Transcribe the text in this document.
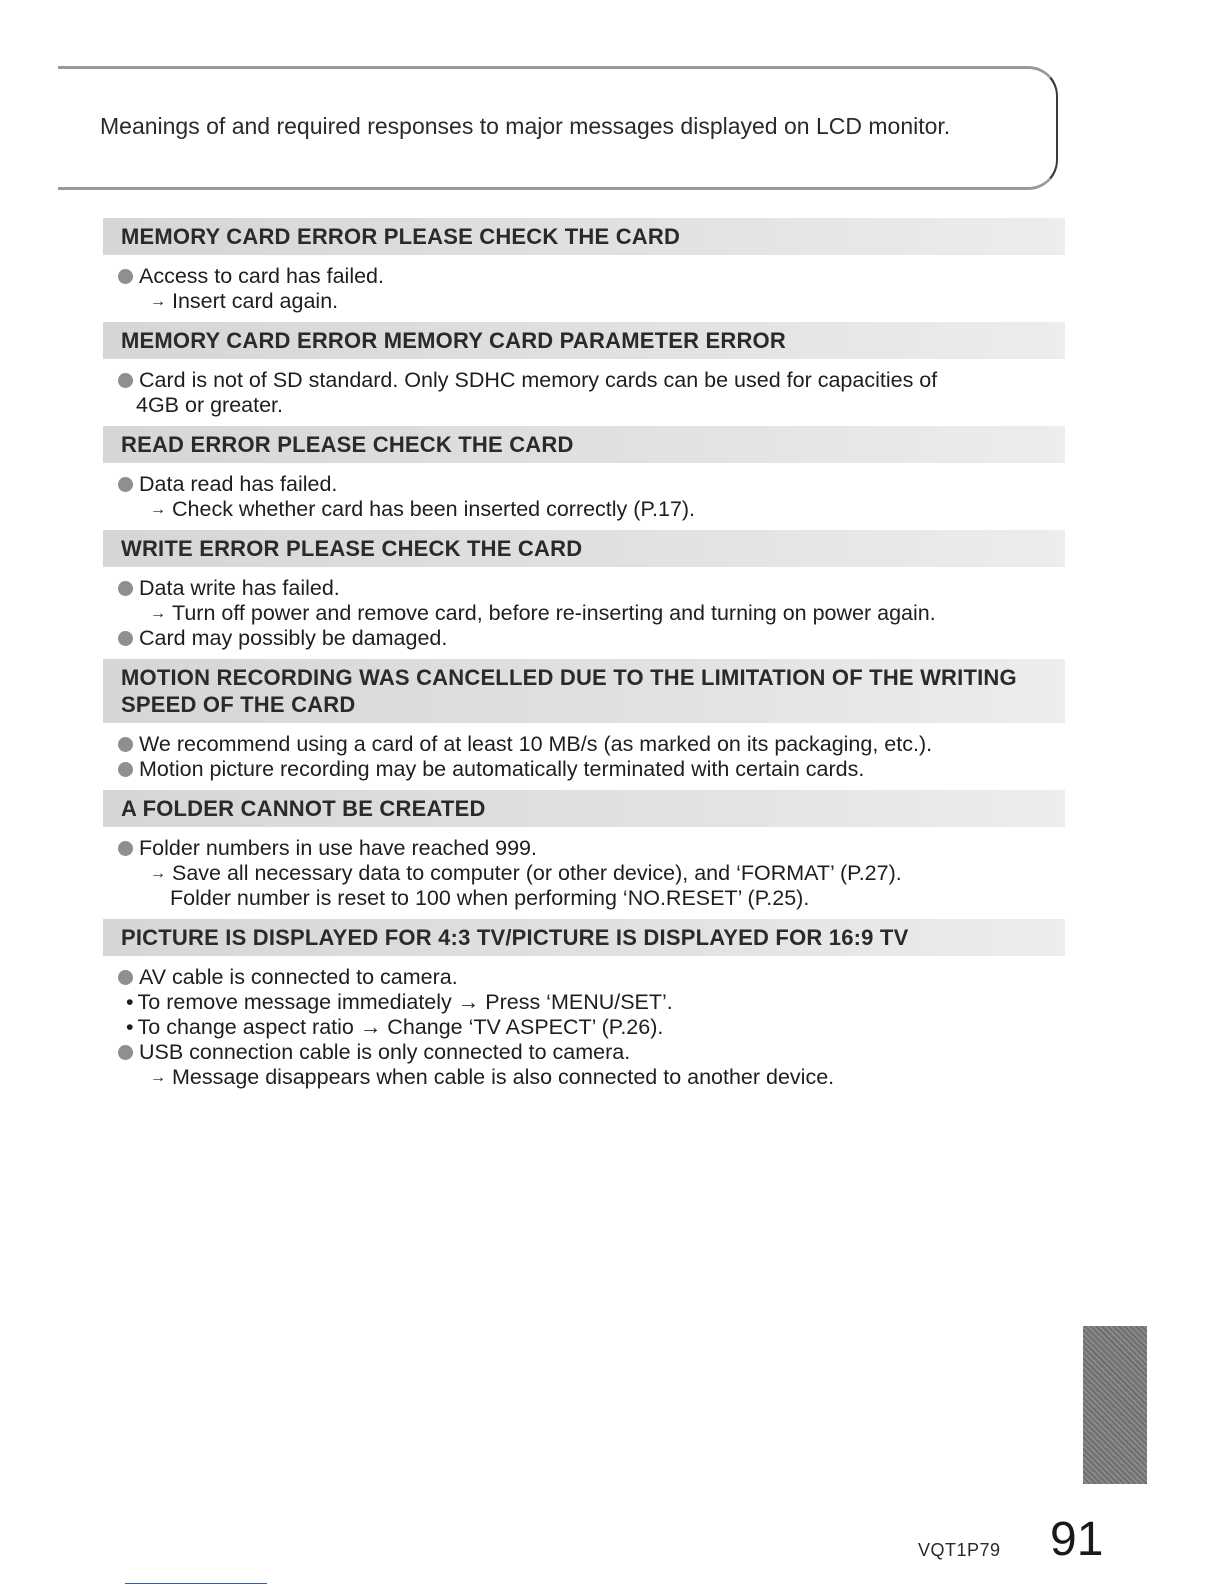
Meanings of and required responses to major messages displayed on LCD monitor.
MEMORY CARD ERROR PLEASE CHECK THE CARD
Access to card has failed.
→ Insert card again.
MEMORY CARD ERROR MEMORY CARD PARAMETER ERROR
Card is not of SD standard. Only SDHC memory cards can be used for capacities of
4GB or greater.
READ ERROR PLEASE CHECK THE CARD
Data read has failed.
→ Check whether card has been inserted correctly (P.17).
WRITE ERROR PLEASE CHECK THE CARD
Data write has failed.
→ Turn off power and remove card, before re-inserting and turning on power again.
Card may possibly be damaged.
MOTION RECORDING WAS CANCELLED DUE TO THE LIMITATION OF THE WRITING SPEED OF THE CARD
We recommend using a card of at least 10 MB/s (as marked on its packaging, etc.).
Motion picture recording may be automatically terminated with certain cards.
A FOLDER CANNOT BE CREATED
Folder numbers in use have reached 999.
→ Save all necessary data to computer (or other device), and ‘FORMAT’ (P.27).
Folder number is reset to 100 when performing ‘NO.RESET’ (P.25).
PICTURE IS DISPLAYED FOR 4:3 TV/PICTURE IS DISPLAYED FOR 16:9 TV
AV cable is connected to camera.
• To remove message immediately → Press ‘MENU/SET’.
• To change aspect ratio → Change ‘TV ASPECT’ (P.26).
USB connection cable is only connected to camera.
→ Message disappears when cable is also connected to another device.
VQT1P79 91
